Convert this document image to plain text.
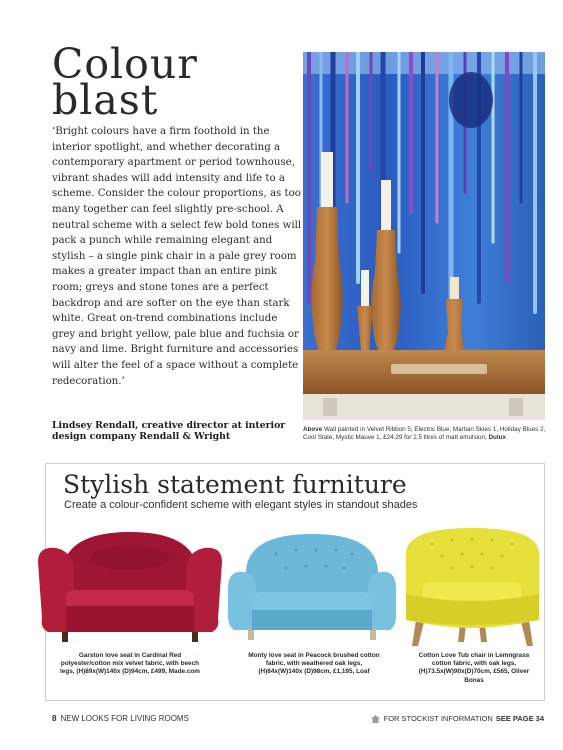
Colour
blast

‘Bright colours have a firm foothold in the interior spotlight, and whether decorating a contemporary apartment or period townhouse, vibrant shades will add intensity and life to a scheme. Consider the colour proportions, as too many together can feel slightly pre-school. A neutral scheme with a select few bold tones will pack a punch while remaining elegant and stylish – a single pink chair in a pale grey room makes a greater impact than an entire pink room; greys and stone tones are a perfect backdrop and are softer on the eye than stark white. Great on-trend combinations include grey and bright yellow, pale blue and fuchsia or navy and lime. Bright furniture and accessories will alter the feel of a space without a complete redecoration.’

Lindsey Rendall, creative director at interior design company Rendall & Wright

Above Wall painted in Velvet Ribbon 5, Electric Blue, Martian Skies 1, Holiday Blues 2, Cool State, Mystic Mauve 1, £24.29 for 2.5 litres of matt emulsion, Dulux

Stylish statement furniture

Create a colour-confident scheme with elegant styles in standout shades

Garston love seat in Cardinal Red polyester/cotton mix velvet fabric, with beech legs, (H)89x(W)140x (D)94cm, £499, Made.com

Monty love seat in Peacock brushed cotton fabric, with weathered oak legs, (H)84x(W)140x (D)98cm, £1,195, Loaf

Cotton Love Tub chair in Lemngrass cotton fabric, with oak legs, (H)73.5x(W)90x(D)70cm, £565, Oliver Bonas

8 NEW LOOKS FOR LIVING ROOMS	FOR STOCKIST INFORMATION SEE PAGE 34
